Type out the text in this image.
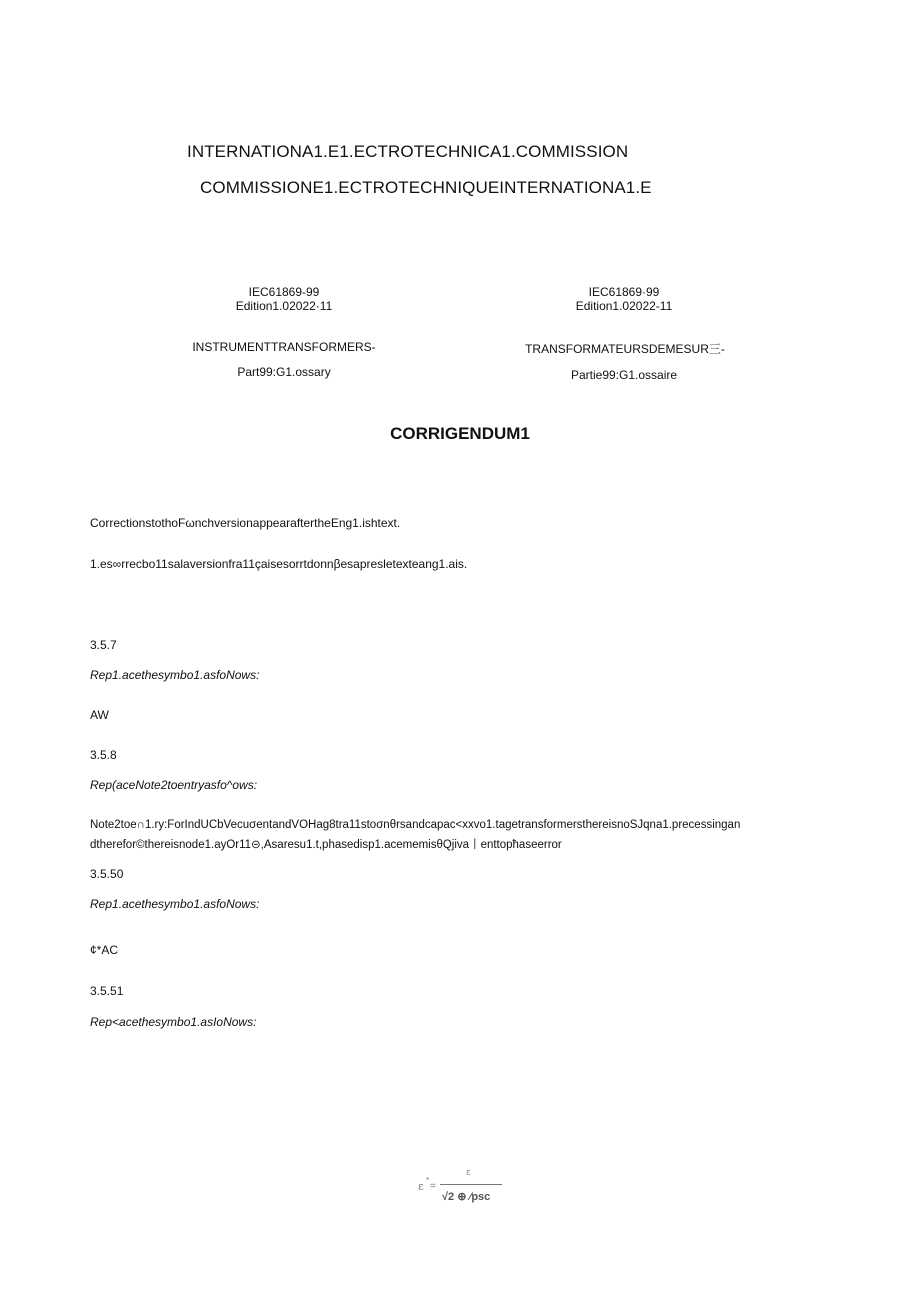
INTERNATIONA1.E1.ECTROTECHNICA1.COMMISSION
COMMISSIONE1.ECTROTECHNIQUEINTERNATIONA1.E
IEC61869-99
Edition1.02022·11
INSTRUMENTTRANSFORMERS-
Part99:G1.ossary
IEC61869·99
Edition1.02022-11
TRANSFORMATEURSDEMESUR三-
Partie99:G1.ossaire
CORRIGENDUM1
CorrectionstothoFωnchversionappearaftertheEng1.ishtext.
1.es∞rrecbo11salaversionfra11çaisesorrtdonnβesapresletexteang1.ais.
3.5.7
Rep1.acethesymbo1.asfoNows:
AW
3.5.8
Rep(aceNote2toentryasfo^ows:
Note2toe∩1.ry:ForIndUCbVecuσentandVOHag8tra11stoσnθrsandcapac<xxvo1.tagetransformersthereisnoSJqna1.precessingan
dtherefor©thereisnode1.ayOr11⊝,Asaresu1.t,phasedisp1.acememisθQjiva丨enttopħaseerror
3.5.50
Rep1.acethesymbo1.asfoNows:
¢*AC
3.5.51
Rep<acethesymbo1.asIoNows:
ε *
=
ε
√2 ⊕ ∕psc
